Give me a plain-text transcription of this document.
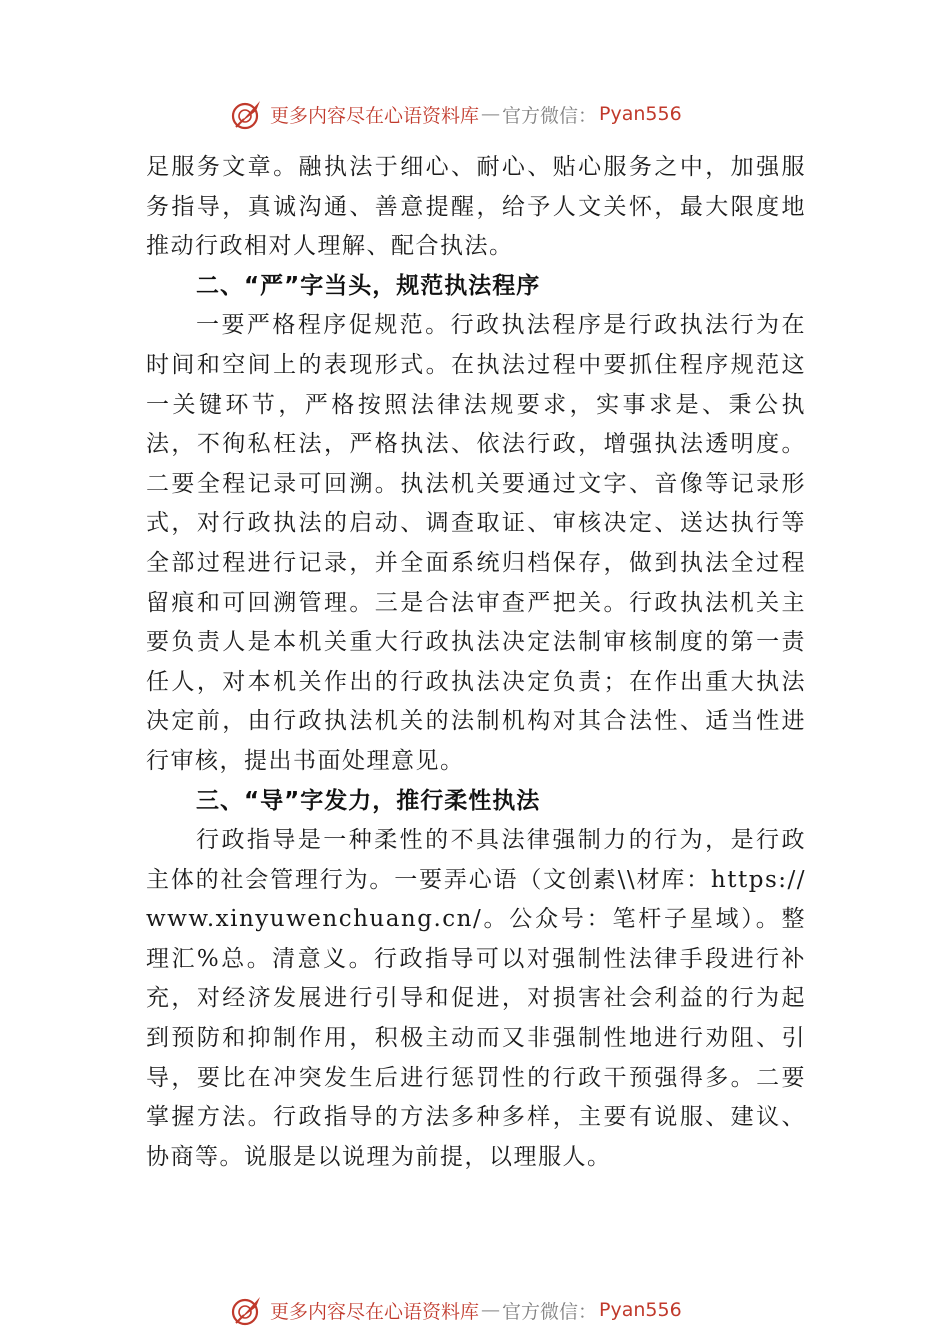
更多内容尽在心语资料库 — 官方微信： Pyan556

足服务文章。融执法于细心、耐心、贴心服务之中，加强服务指导，真诚沟通、善意提醒，给予人文关怀，最大限度地推动行政相对人理解、配合执法。

二、“严”字当头，规范执法程序

一要严格程序促规范。行政执法程序是行政执法行为在时间和空间上的表现形式。在执法过程中要抓住程序规范这一关键环节，严格按照法律法规要求，实事求是、秉公执法，不徇私枉法，严格执法、依法行政，增强执法透明度。二要全程记录可回溯。执法机关要通过文字、音像等记录形式，对行政执法的启动、调查取证、审核决定、送达执行等全部过程进行记录，并全面系统归档保存，做到执法全过程留痕和可回溯管理。三是合法审查严把关。行政执法机关主要负责人是本机关重大行政执法决定法制审核制度的第一责任人，对本机关作出的行政执法决定负责；在作出重大执法决定前，由行政执法机关的法制机构对其合法性、适当性进行审核，提出书面处理意见。

三、“导”字发力，推行柔性执法

行政指导是一种柔性的不具法律强制力的行为，是行政主体的社会管理行为。一要弄心语（文创素\\材库：https://www.xinyuwenchuang.cn/。公众号：笔杆子星域）。整理汇%总。清意义。行政指导可以对强制性法律手段进行补充，对经济发展进行引导和促进，对损害社会利益的行为起到预防和抑制作用，积极主动而又非强制性地进行劝阻、引导，要比在冲突发生后进行惩罚性的行政干预强得多。二要掌握方法。行政指导的方法多种多样，主要有说服、建议、协商等。说服是以说理为前提，以理服人。

更多内容尽在心语资料库 — 官方微信： Pyan556
